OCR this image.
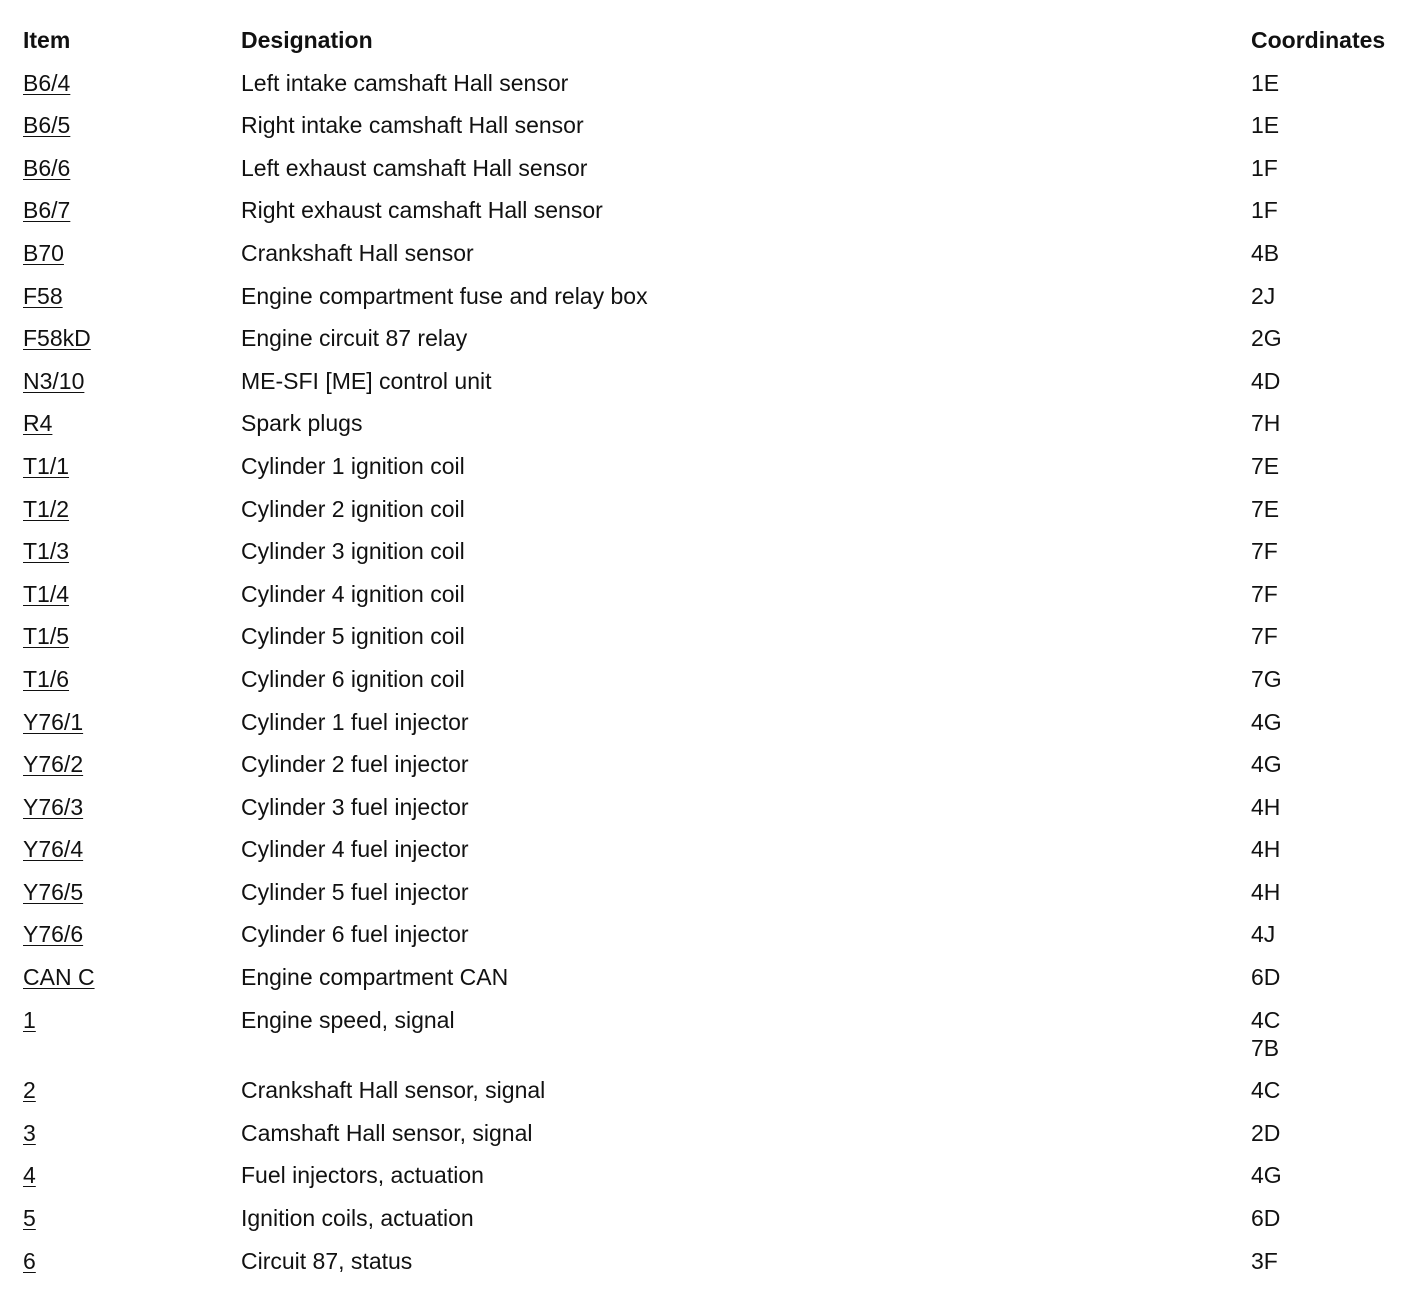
Item	Designation	Coordinates
B6/4	Left intake camshaft Hall sensor	1E
B6/5	Right intake camshaft Hall sensor	1E
B6/6	Left exhaust camshaft Hall sensor	1F
B6/7	Right exhaust camshaft Hall sensor	1F
B70	Crankshaft Hall sensor	4B
F58	Engine compartment fuse and relay box	2J
F58kD	Engine circuit 87 relay	2G
N3/10	ME-SFI [ME] control unit	4D
R4	Spark plugs	7H
T1/1	Cylinder 1 ignition coil	7E
T1/2	Cylinder 2 ignition coil	7E
T1/3	Cylinder 3 ignition coil	7F
T1/4	Cylinder 4 ignition coil	7F
T1/5	Cylinder 5 ignition coil	7F
T1/6	Cylinder 6 ignition coil	7G
Y76/1	Cylinder 1 fuel injector	4G
Y76/2	Cylinder 2 fuel injector	4G
Y76/3	Cylinder 3 fuel injector	4H
Y76/4	Cylinder 4 fuel injector	4H
Y76/5	Cylinder 5 fuel injector	4H
Y76/6	Cylinder 6 fuel injector	4J
CAN C	Engine compartment CAN	6D
1	Engine speed, signal	4C
7B
2	Crankshaft Hall sensor, signal	4C
3	Camshaft Hall sensor, signal	2D
4	Fuel injectors, actuation	4G
5	Ignition coils, actuation	6D
6	Circuit 87, status	3F
